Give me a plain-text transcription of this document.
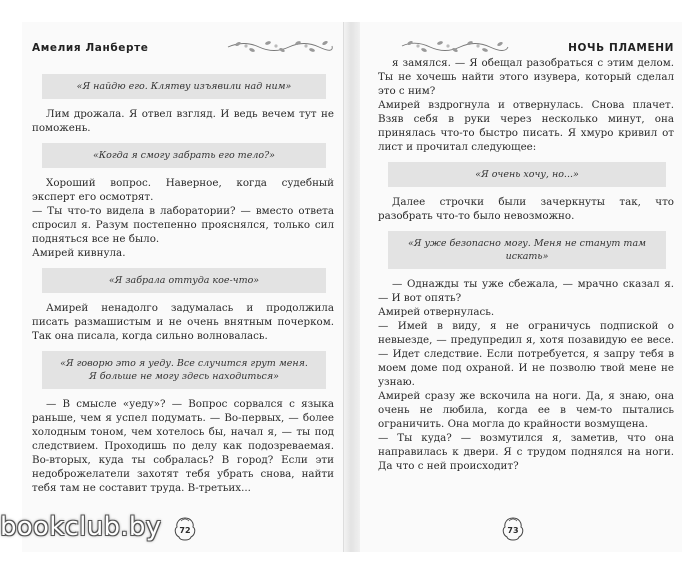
Амелия Ланберте
«Я найдю его. Клятву изъявили над ним»
Лим дрожала. Я отвел взгляд. И ведь вечем тут не поможень.
«Когда я смогу забрать его тело?»
Хороший вопрос. Наверное, когда судебный эксперт его осмотрят.
— Ты что-то видела в лаборатории? — вместо ответа спросил я. Разум постепенно прояснялся, только сил подняться все не было.
Амирей кивнула.
«Я забрала оттуда кое-что»
Амирей ненадолго задумалась и продолжила писать размашистым и не очень внятным почерком. Так она писала, когда сильно волновалась.
«Я говорю это я уеду. Все случится грут меня.
Я больше не могу здесь находиться»
— В смысле «уеду»? — Вопрос сорвался с языка раньше, чем я успел подумать. — Во-первых, — более холодным тоном, чем хотелось бы, начал я, — ты под следствием. Проходишь по делу как подозреваемая. Во-вторых, куда ты собралась? В город? Если эти недоброжелатели захотят тебя убрать снова, найти тебя там не составит труда. В-третьих...
72
НОЧЬ ПЛАМЕНИ
я замялся. — Я обещал разобраться с этим делом. Ты не хочешь найти этого изувера, который сделал это с ним?
Амирей вздрогнула и отвернулась. Снова плачет. Взяв себя в руки через несколько минут, она принялась что-то быстро писать. Я хмуро кривил от лист и прочитал следующее:
«Я очень хочу, но...»
Далее строчки были зачеркнуты так, что разобрать что-то было невозможно.
«Я уже безопасно могу. Меня не станут там искать»
— Однажды ты уже сбежала, — мрачно сказал я. — И вот опять?
Амирей отвернулась.
— Имей в виду, я не ограничусь подпиской о невыезде, — предупредил я, хотя позавидую ее весе. — Идет следствие. Если потребуется, я запру тебя в моем доме под охраной. И не позволю твой мене не узнаю.
Амирей сразу же вскочила на ноги. Да, я знаю, она очень не любила, когда ее в чем-то пытались ограничить. Она могла до крайности возмущена.
— Ты куда? — возмутился я, заметив, что она направилась к двери. Я с трудом поднялся на ноги. Да что с ней происходит?
73
bookclub.by
